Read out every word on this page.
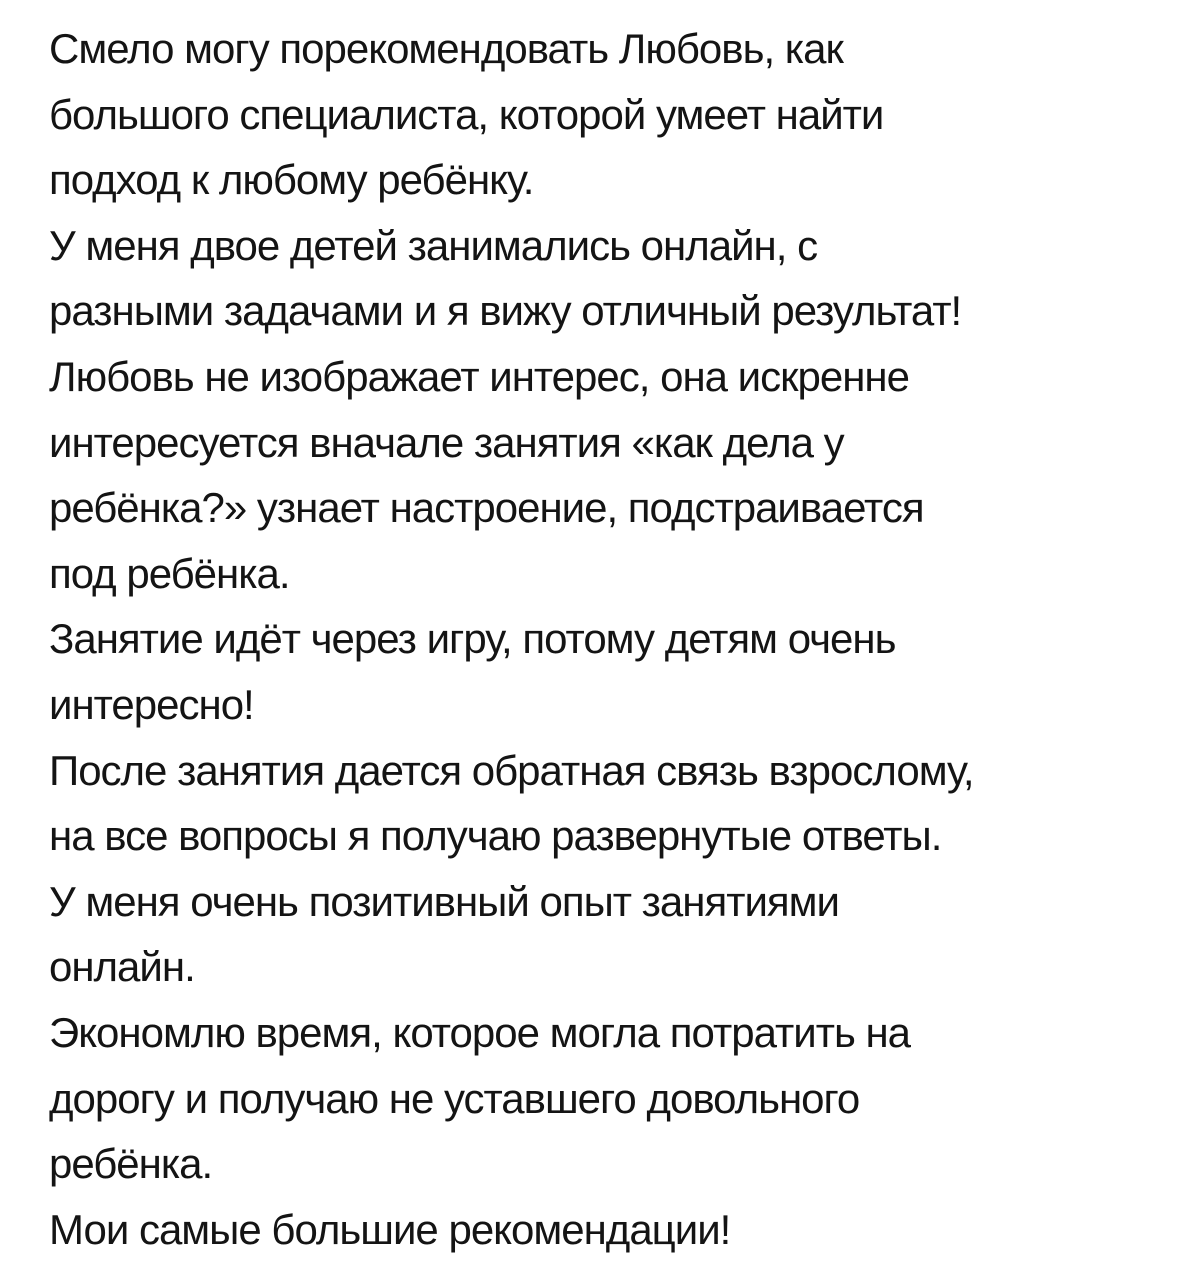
Смело могу порекомендовать Любовь, как
большого специалиста, которой умеет найти
подход к любому ребёнку.
У меня двое детей занимались онлайн, с
разными задачами и я вижу отличный результат!
Любовь не изображает интерес, она искренне
интересуется вначале занятия «как дела у
ребёнка?» узнает настроение, подстраивается
под ребёнка.
Занятие идёт через игру, потому детям очень
интересно!
После занятия дается обратная связь взрослому,
на все вопросы я получаю развернутые ответы.
У меня очень позитивный опыт занятиями
онлайн.
Экономлю время, которое могла потратить на
дорогу и получаю не уставшего довольного
ребёнка.
Мои самые большие рекомендации!
